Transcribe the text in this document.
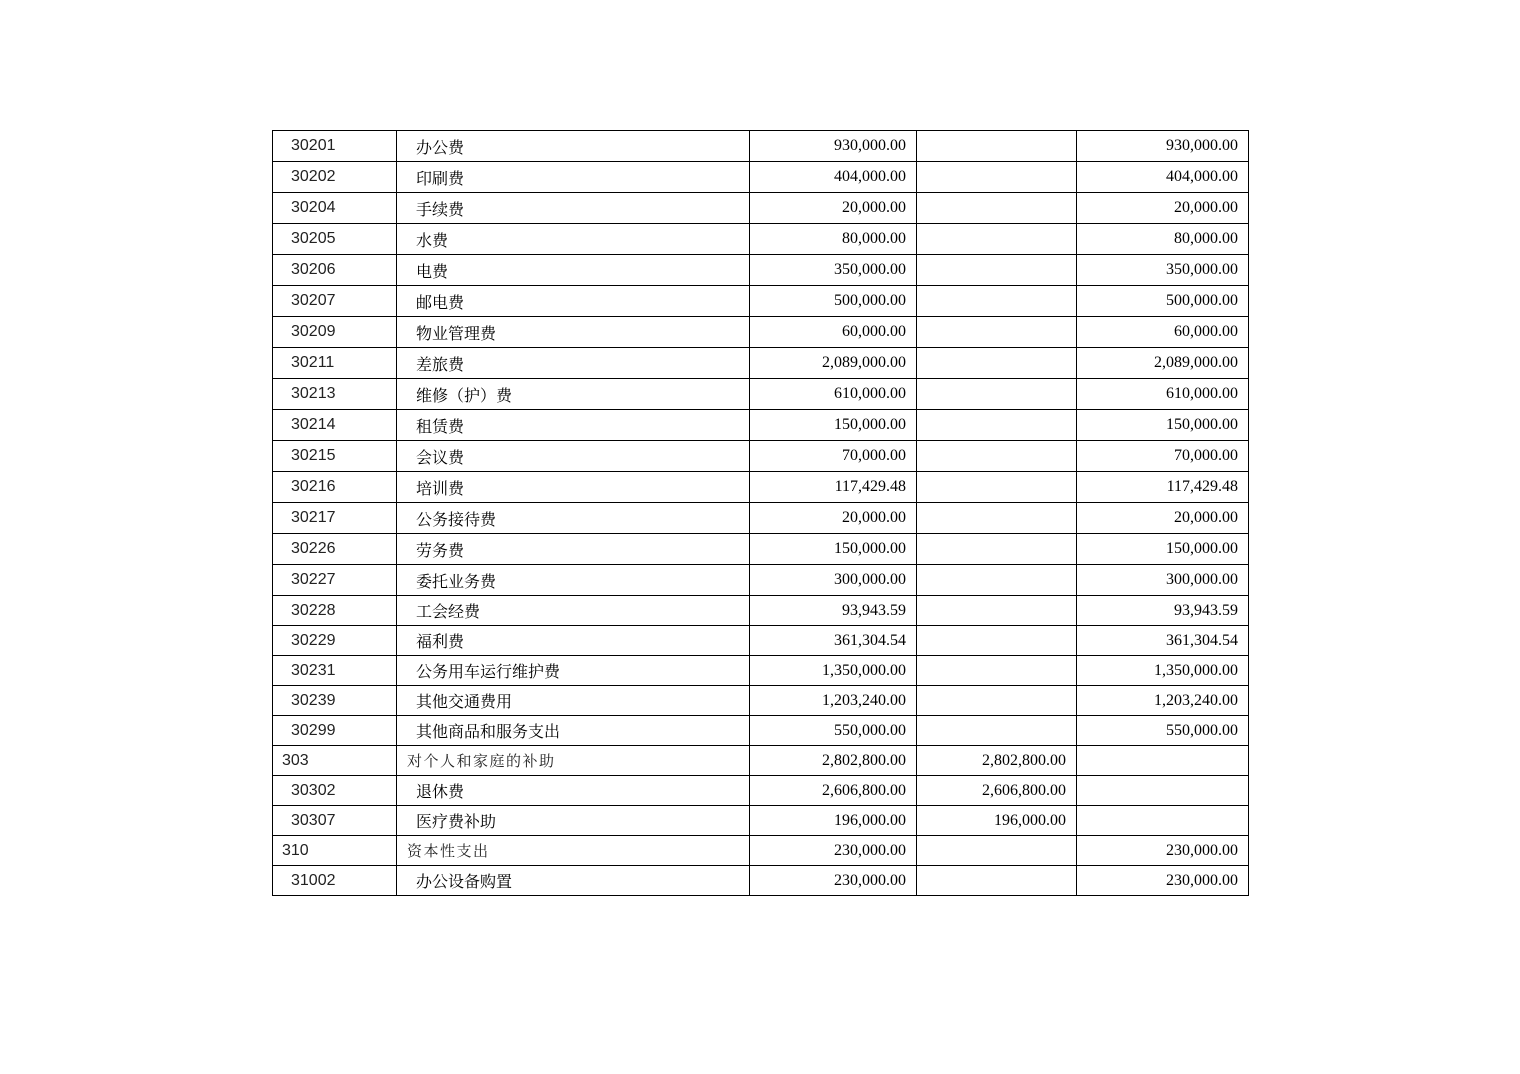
30201	办公费	930,000.00		930,000.00
30202	印刷费	404,000.00		404,000.00
30204	手续费	20,000.00		20,000.00
30205	水费	80,000.00		80,000.00
30206	电费	350,000.00		350,000.00
30207	邮电费	500,000.00		500,000.00
30209	物业管理费	60,000.00		60,000.00
30211	差旅费	2,089,000.00		2,089,000.00
30213	维修（护）费	610,000.00		610,000.00
30214	租赁费	150,000.00		150,000.00
30215	会议费	70,000.00		70,000.00
30216	培训费	117,429.48		117,429.48
30217	公务接待费	20,000.00		20,000.00
30226	劳务费	150,000.00		150,000.00
30227	委托业务费	300,000.00		300,000.00
30228	工会经费	93,943.59		93,943.59
30229	福利费	361,304.54		361,304.54
30231	公务用车运行维护费	1,350,000.00		1,350,000.00
30239	其他交通费用	1,203,240.00		1,203,240.00
30299	其他商品和服务支出	550,000.00		550,000.00
303	对个人和家庭的补助	2,802,800.00	2,802,800.00	
30302	退休费	2,606,800.00	2,606,800.00	
30307	医疗费补助	196,000.00	196,000.00	
310	资本性支出	230,000.00		230,000.00
31002	办公设备购置	230,000.00		230,000.00
